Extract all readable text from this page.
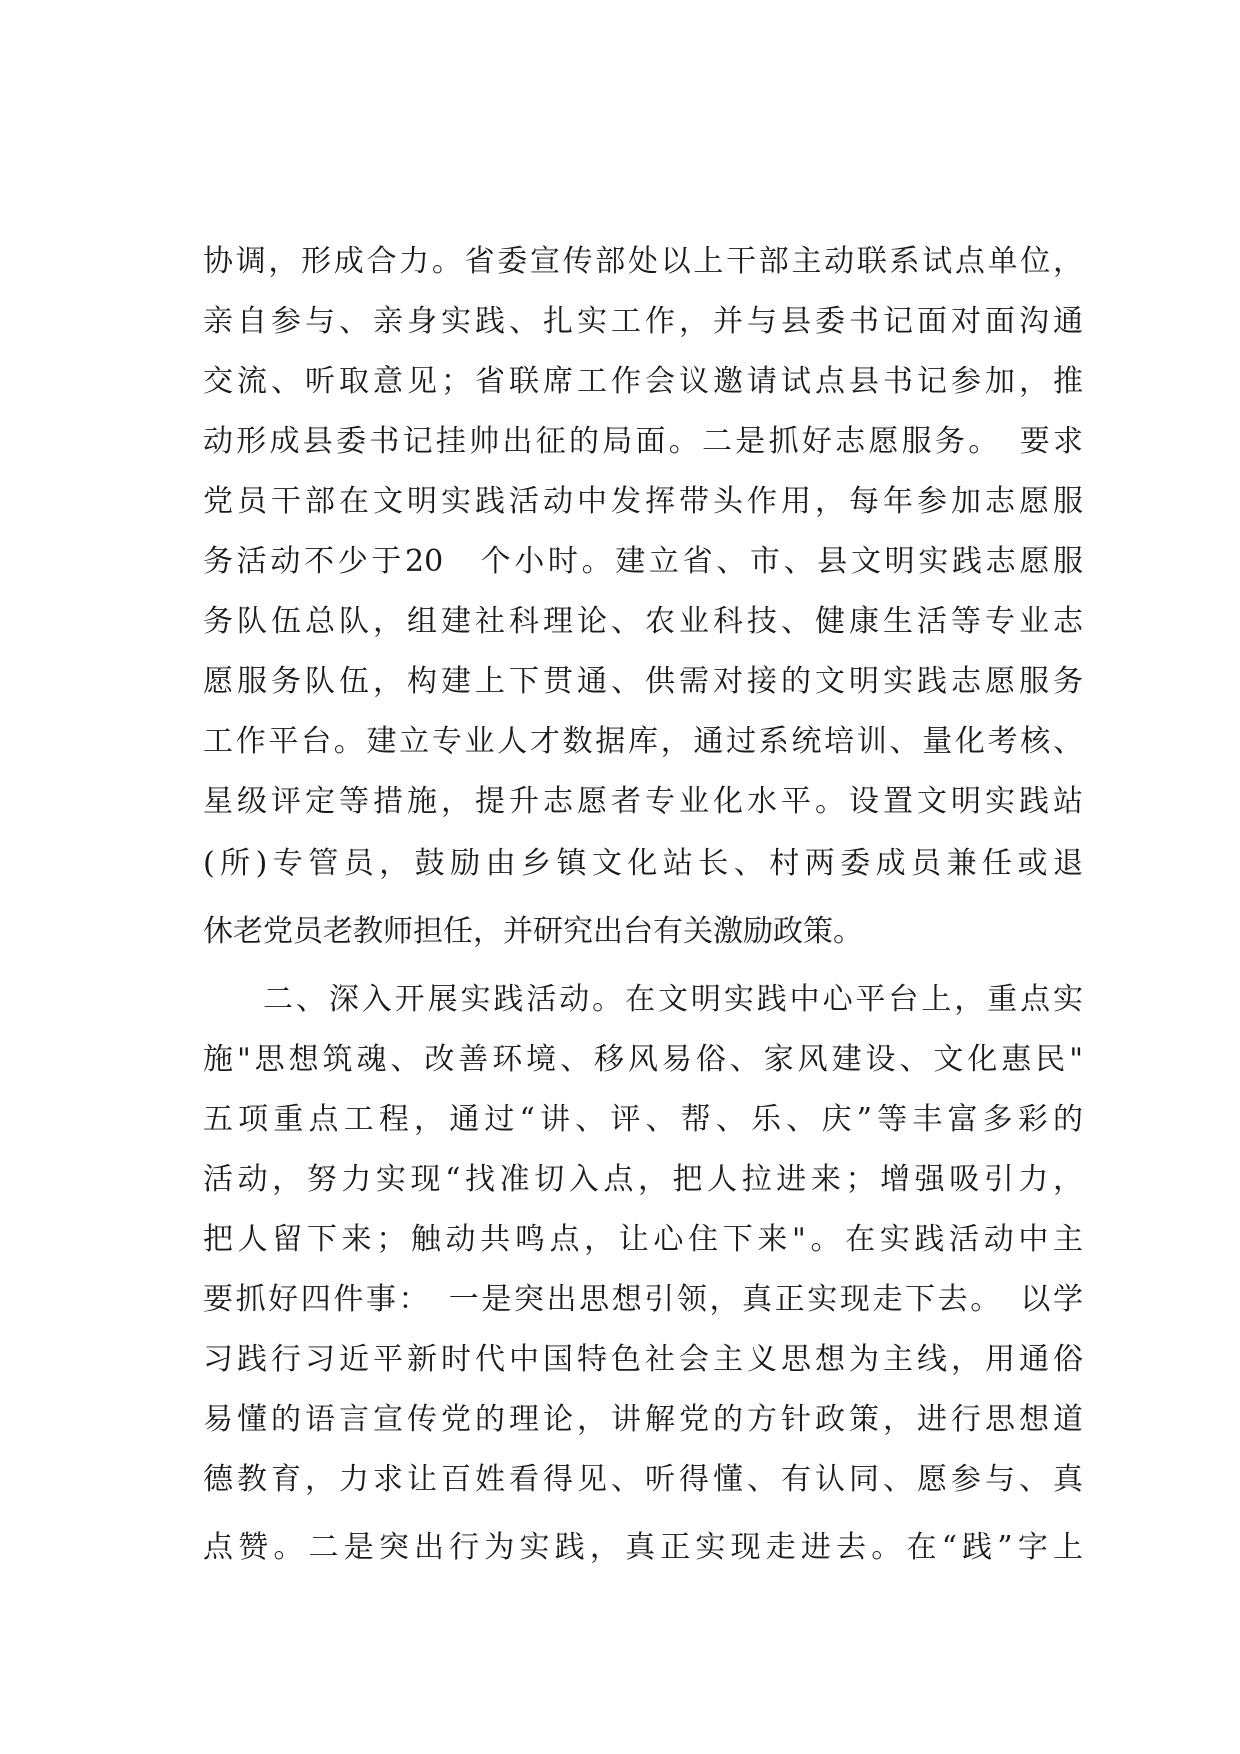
协调，形成合力。省委宣传部处以上干部主动联系试点单位，
亲自参与、亲身实践、扎实工作，并与县委书记面对面沟通
交流、听取意见；省联席工作会议邀请试点县书记参加，推
动形成县委书记挂帅出征的局面。二是抓好志愿服务。　要求
党员干部在文明实践活动中发挥带头作用，每年参加志愿服
务活动不少于20　个小时。建立省、市、县文明实践志愿服
务队伍总队，组建社科理论、农业科技、健康生活等专业志
愿服务队伍，构建上下贯通、供需对接的文明实践志愿服务
工作平台。建立专业人才数据库，通过系统培训、量化考核、
星级评定等措施，提升志愿者专业化水平。设置文明实践站
(所)专管员，鼓励由乡镇文化站长、村两委成员兼任或退
休老党员老教师担任，并研究出台有关激励政策。
二、深入开展实践活动。在文明实践中心平台上，重点实
施"思想筑魂、改善环境、移风易俗、家风建设、文化惠民"
五项重点工程，通过“讲、评、帮、乐、庆”等丰富多彩的
活动，努力实现“找准切入点，把人拉进来；增强吸引力，
把人留下来；触动共鸣点，让心住下来"。在实践活动中主
要抓好四件事：　一是突出思想引领，真正实现走下去。　以学
习践行习近平新时代中国特色社会主义思想为主线，用通俗
易懂的语言宣传党的理论，讲解党的方针政策，进行思想道
德教育，力求让百姓看得见、听得懂、有认同、愿参与、真
点赞。二是突出行为实践，真正实现走进去。在“践”字上
